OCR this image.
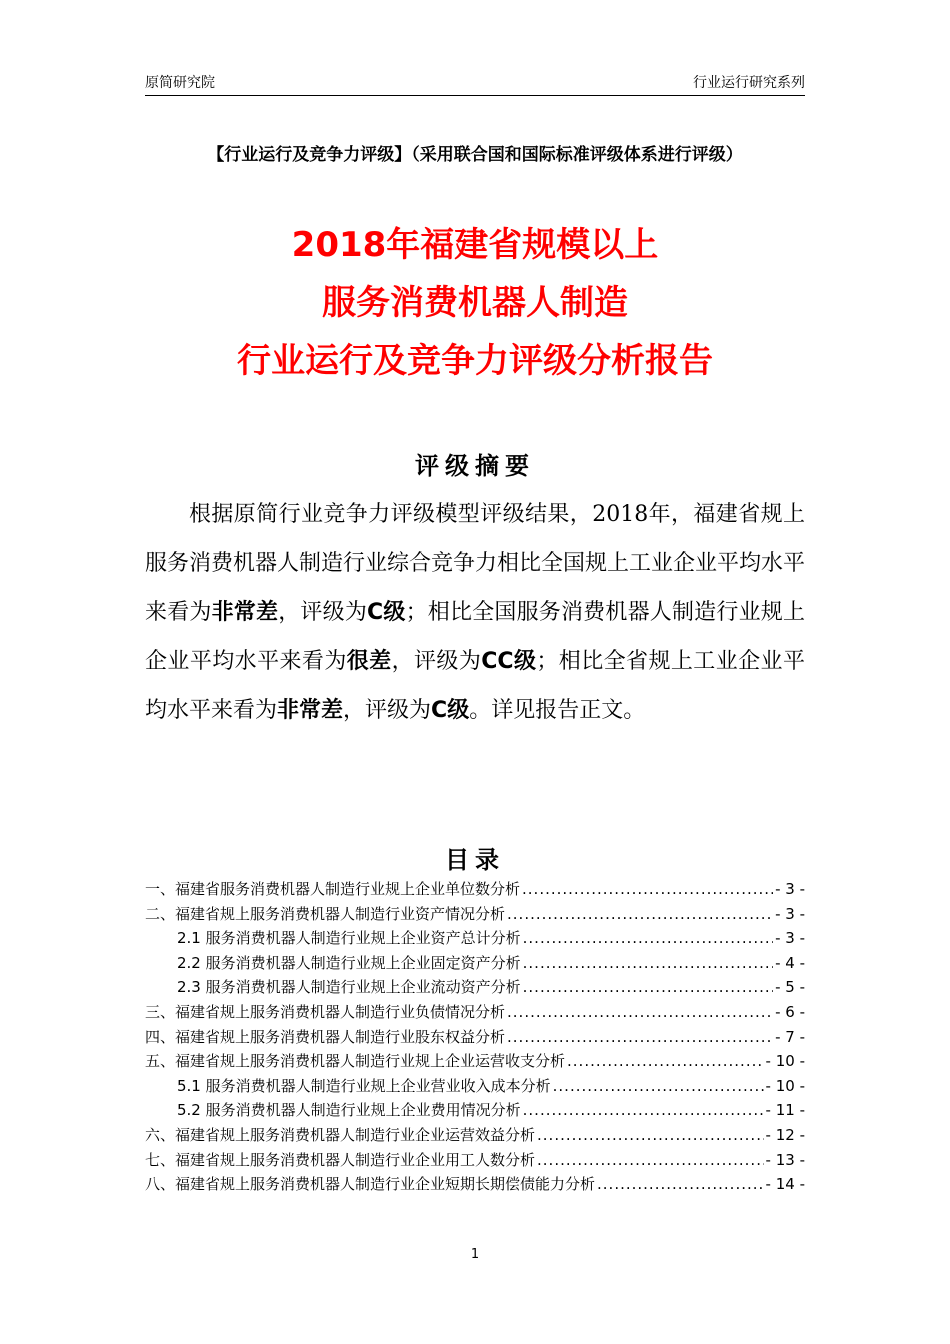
原简研究院	行业运行研究系列
【行业运行及竞争力评级】（采用联合国和国际标准评级体系进行评级）
2018年福建省规模以上
服务消费机器人制造
行业运行及竞争力评级分析报告
评级摘要
根据原简行业竞争力评级模型评级结果，2018年，福建省规上服务消费机器人制造行业综合竞争力相比全国规上工业企业平均水平来看为非常差，评级为C级；相比全国服务消费机器人制造行业规上企业平均水平来看为很差，评级为CC级；相比全省规上工业企业平均水平来看为非常差，评级为C级。详见报告正文。
目录
一、福建省服务消费机器人制造行业规上企业单位数分析 .....	- 3 -
二、福建省规上服务消费机器人制造行业资产情况分析 .....	- 3 -
2.1 服务消费机器人制造行业规上企业资产总计分析 .....	- 3 -
2.2 服务消费机器人制造行业规上企业固定资产分析 .....	- 4 -
2.3 服务消费机器人制造行业规上企业流动资产分析 .....	- 5 -
三、福建省规上服务消费机器人制造行业负债情况分析 .....	- 6 -
四、福建省规上服务消费机器人制造行业股东权益分析 .....	- 7 -
五、福建省规上服务消费机器人制造行业规上企业运营收支分析 .....	- 10 -
5.1 服务消费机器人制造行业规上企业营业收入成本分析 .....	- 10 -
5.2 服务消费机器人制造行业规上企业费用情况分析 .....	- 11 -
六、福建省规上服务消费机器人制造行业企业运营效益分析 .....	- 12 -
七、福建省规上服务消费机器人制造行业企业用工人数分析 .....	- 13 -
八、福建省规上服务消费机器人制造行业企业短期长期偿债能力分析 .....	- 14 -
1
